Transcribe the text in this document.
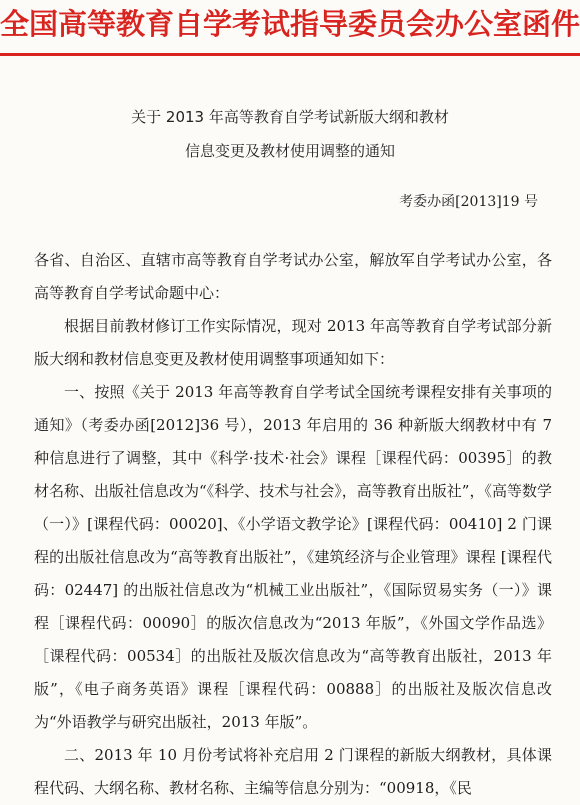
全国高等教育自学考试指导委员会办公室函件
关于 2013 年高等教育自学考试新版大纲和教材
信息变更及教材使用调整的通知
考委办函[2013]19 号

各省、自治区、直辖市高等教育自学考试办公室，解放军自学考试办公室，各高等教育自学考试命题中心：

根据目前教材修订工作实际情况，现对 2013 年高等教育自学考试部分新版大纲和教材信息变更及教材使用调整事项通知如下：

一、按照《关于 2013 年高等教育自学考试全国统考课程安排有关事项的通知》（考委办函[2012]36 号），2013 年启用的 36 种新版大纲教材中有 7 种信息进行了调整，其中《科学·技术·社会》课程［课程代码：00395］的教材名称、出版社信息改为“《科学、技术与社会》，高等教育出版社”，《高等数学（一）》[课程代码：00020]、《小学语文教学论》[课程代码：00410] 2 门课程的出版社信息改为“高等教育出版社”，《建筑经济与企业管理》课程 [课程代码：02447] 的出版社信息改为“机械工业出版社”，《国际贸易实务（一）》课程［课程代码：00090］的版次信息改为“2013 年版”，《外国文学作品选》［课程代码：00534］的出版社及版次信息改为“高等教育出版社，2013 年版”，《电子商务英语》课程［课程代码：00888］的出版社及版次信息改为“外语教学与研究出版社，2013 年版”。

二、2013 年 10 月份考试将补充启用 2 门课程的新版大纲教材，具体课程代码、大纲名称、教材名称、主编等信息分别为：“00918，《民
